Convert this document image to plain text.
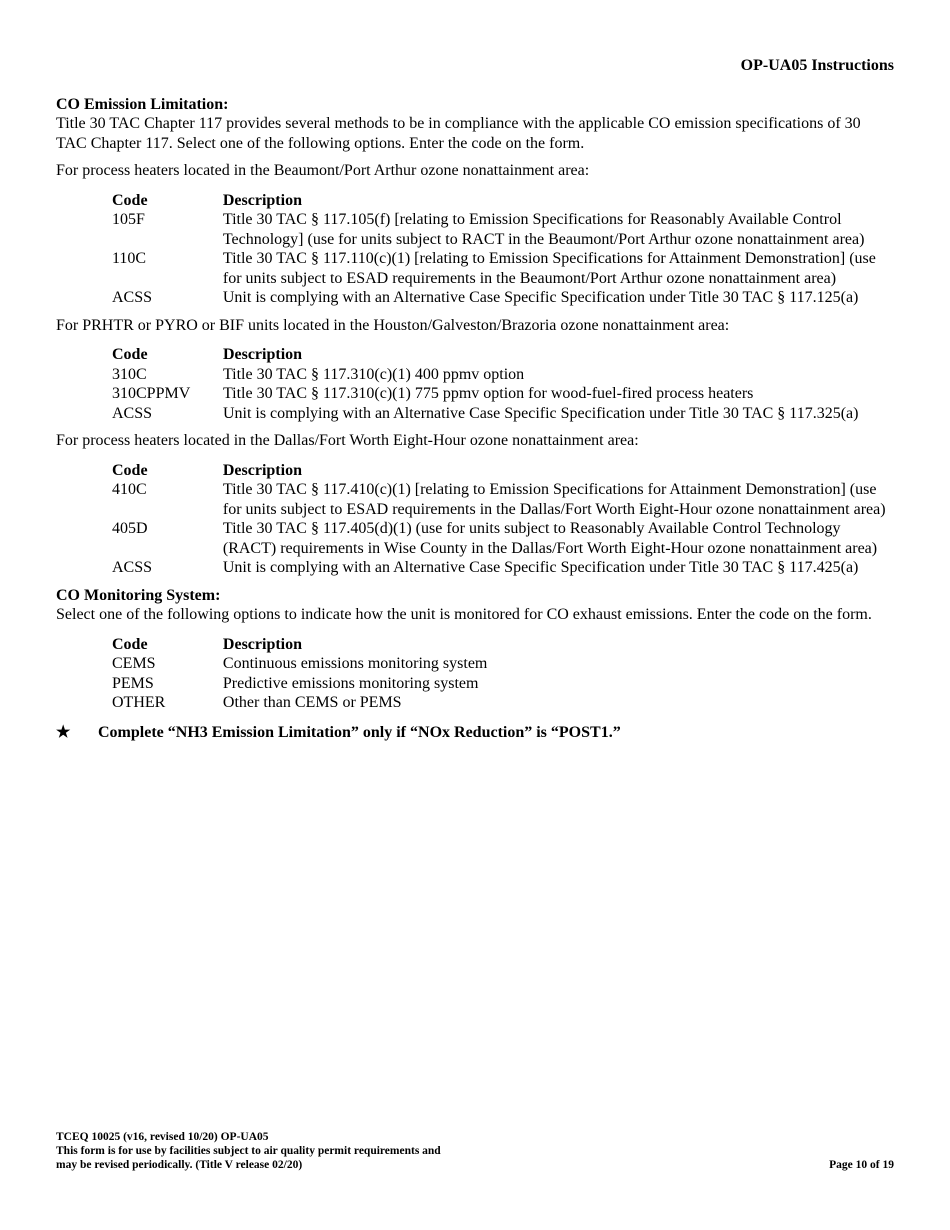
OP-UA05 Instructions

CO Emission Limitation:

Title 30 TAC Chapter 117 provides several methods to be in compliance with the applicable CO emission specifications of 30 TAC Chapter 117. Select one of the following options. Enter the code on the form.

For process heaters located in the Beaumont/Port Arthur ozone nonattainment area:

Code	Description
105F	Title 30 TAC § 117.105(f) [relating to Emission Specifications for Reasonably Available Control Technology] (use for units subject to RACT in the Beaumont/Port Arthur ozone nonattainment area)
110C	Title 30 TAC § 117.110(c)(1) [relating to Emission Specifications for Attainment Demonstration] (use for units subject to ESAD requirements in the Beaumont/Port Arthur ozone nonattainment area)
ACSS	Unit is complying with an Alternative Case Specific Specification under Title 30 TAC § 117.125(a)

For PRHTR or PYRO or BIF units located in the Houston/Galveston/Brazoria ozone nonattainment area:

Code	Description
310C	Title 30 TAC § 117.310(c)(1) 400 ppmv option
310CPPMV	Title 30 TAC § 117.310(c)(1) 775 ppmv option for wood-fuel-fired process heaters
ACSS	Unit is complying with an Alternative Case Specific Specification under Title 30 TAC § 117.325(a)

For process heaters located in the Dallas/Fort Worth Eight-Hour ozone nonattainment area:

Code	Description
410C	Title 30 TAC § 117.410(c)(1) [relating to Emission Specifications for Attainment Demonstration] (use for units subject to ESAD requirements in the Dallas/Fort Worth Eight-Hour ozone nonattainment area)
405D	Title 30 TAC § 117.405(d)(1) (use for units subject to Reasonably Available Control Technology (RACT) requirements in Wise County in the Dallas/Fort Worth Eight-Hour ozone nonattainment area)
ACSS	Unit is complying with an Alternative Case Specific Specification under Title 30 TAC § 117.425(a)

CO Monitoring System:

Select one of the following options to indicate how the unit is monitored for CO exhaust emissions. Enter the code on the form.

Code	Description
CEMS	Continuous emissions monitoring system
PEMS	Predictive emissions monitoring system
OTHER	Other than CEMS or PEMS
★	Complete “NH3 Emission Limitation” only if “NOx Reduction” is “POST1.”
TCEQ 10025 (v16, revised 10/20) OP-UA05
This form is for use by facilities subject to air quality permit requirements and
may be revised periodically. (Title V release 02/20)	Page 10 of 19
